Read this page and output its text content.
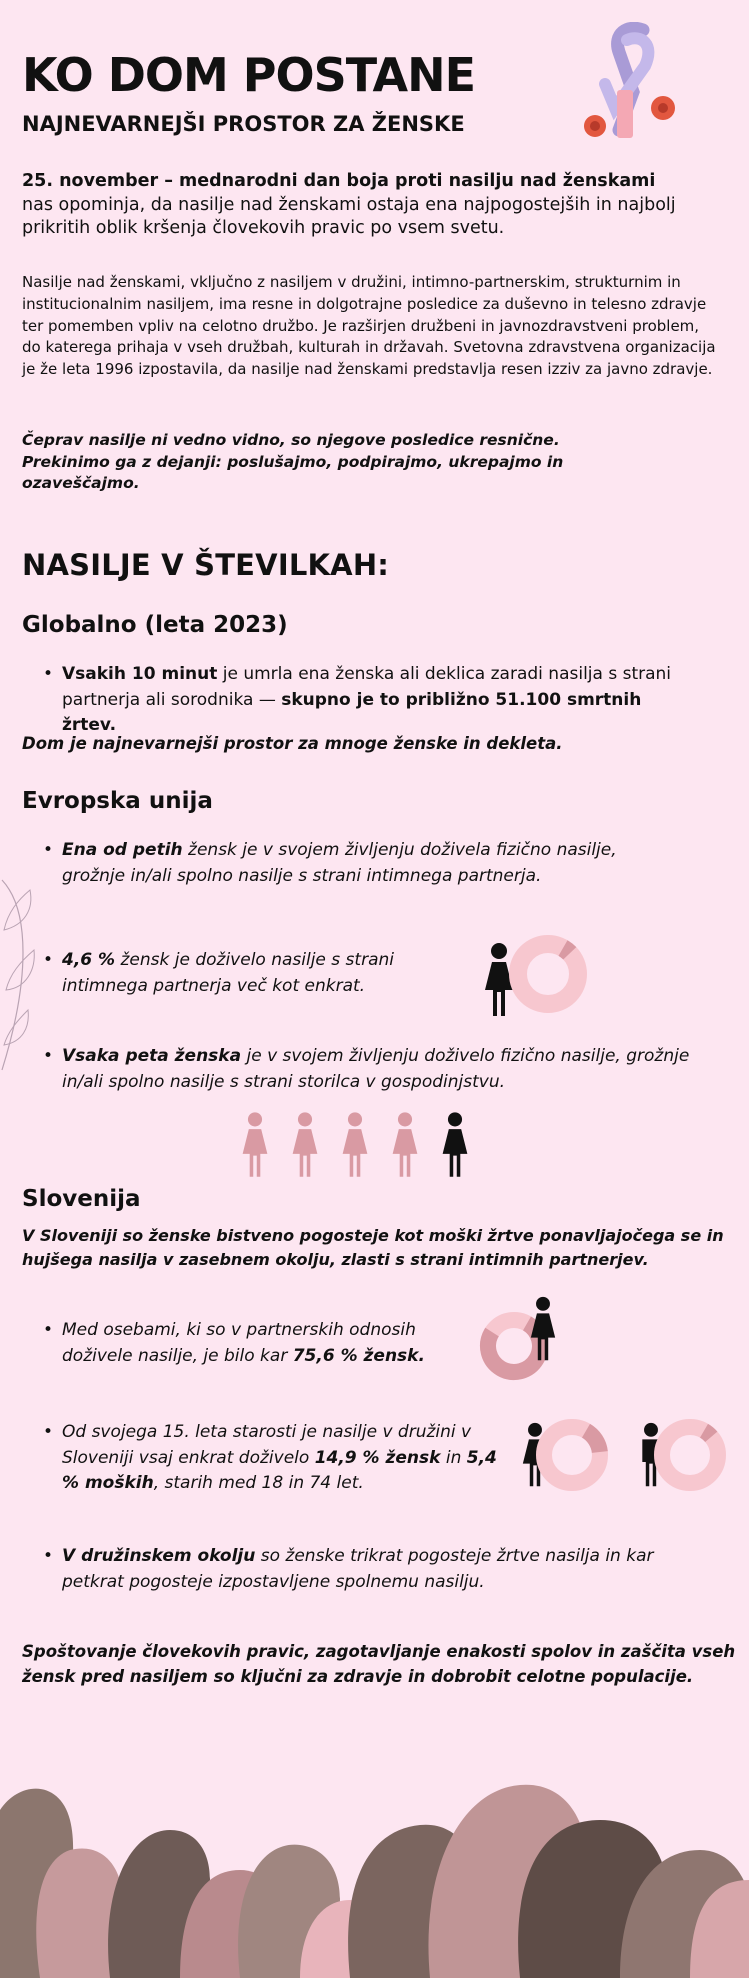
KO DOM POSTANE
NAJNEVARNEJŠI PROSTOR ZA ŽENSKE
25. november – mednarodni dan boja proti nasilju nad ženskami
nas opominja, da nasilje nad ženskami ostaja ena najpogostejših in najbolj prikritih oblik kršenja človekovih pravic po vsem svetu.
Nasilje nad ženskami, vključno z nasiljem v družini, intimno-partnerskim, strukturnim in institucionalnim nasiljem, ima resne in dolgotrajne posledice za duševno in telesno zdravje ter pomemben vpliv na celotno družbo. Je razširjen družbeni in javnozdravstveni problem, do katerega prihaja v vseh družbah, kulturah in državah. Svetovna zdravstvena organizacija je že leta 1996 izpostavila, da nasilje nad ženskami predstavlja resen izziv za javno zdravje.
Čeprav nasilje ni vedno vidno, so njegove posledice resnične. Prekinimo ga z dejanji: poslušajmo, podpirajmo, ukrepajmo in ozaveščajmo.
NASILJE V ŠTEVILKAH:
Globalno (leta 2023)
• Vsakih 10 minut je umrla ena ženska ali deklica zaradi nasilja s strani partnerja ali sorodnika — skupno je to približno 51.100 smrtnih žrtev.
Dom je najnevarnejši prostor za mnoge ženske in dekleta.
Evropska unija
• Ena od petih žensk je v svojem življenju doživela fizično nasilje, grožnje in/ali spolno nasilje s strani intimnega partnerja.
• 4,6 % žensk je doživelo nasilje s strani intimnega partnerja več kot enkrat.
• Vsaka peta ženska je v svojem življenju doživelo fizično nasilje, grožnje in/ali spolno nasilje s strani storilca v gospodinjstvu.
Slovenija
V Sloveniji so ženske bistveno pogosteje kot moški žrtve ponavljajočega se in hujšega nasilja v zasebnem okolju, zlasti s strani intimnih partnerjev.
• Med osebami, ki so v partnerskih odnosih doživele nasilje, je bilo kar 75,6 % žensk.
• Od svojega 15. leta starosti je nasilje v družini v Sloveniji vsaj enkrat doživelo 14,9 % žensk in 5,4 % moških, starih med 18 in 74 let.
• V družinskem okolju so ženske trikrat pogosteje žrtve nasilja in kar petkrat pogosteje izpostavljene spolnemu nasilju.
Spoštovanje človekovih pravic, zagotavljanje enakosti spolov in zaščita vseh žensk pred nasiljem so ključni za zdravje in dobrobit celotne populacije.
